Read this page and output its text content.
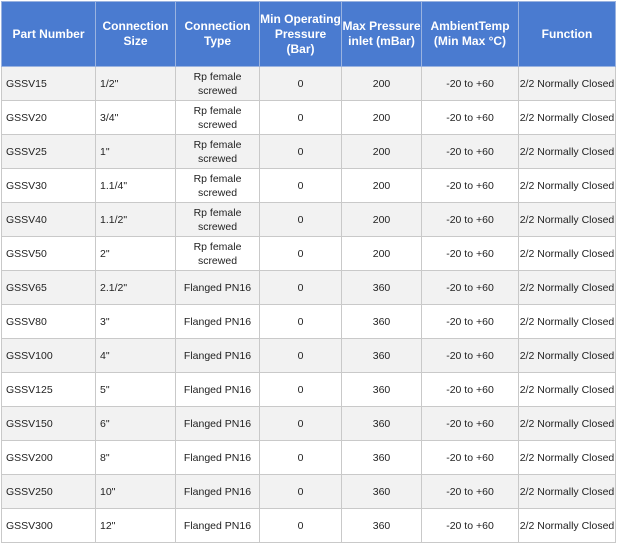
Part Number	Connection Size	Connection Type	Min Operating Pressure (Bar)	Max Pressure inlet (mBar)	AmbientTemp (Min Max °C)	Function
GSSV15	1/2"	Rp female screwed	0	200	-20 to +60	2/2 Normally Closed
GSSV20	3/4"	Rp female screwed	0	200	-20 to +60	2/2 Normally Closed
GSSV25	1"	Rp female screwed	0	200	-20 to +60	2/2 Normally Closed
GSSV30	1.1/4"	Rp female screwed	0	200	-20 to +60	2/2 Normally Closed
GSSV40	1.1/2"	Rp female screwed	0	200	-20 to +60	2/2 Normally Closed
GSSV50	2"	Rp female screwed	0	200	-20 to +60	2/2 Normally Closed
GSSV65	2.1/2"	Flanged PN16	0	360	-20 to +60	2/2 Normally Closed
GSSV80	3"	Flanged PN16	0	360	-20 to +60	2/2 Normally Closed
GSSV100	4"	Flanged PN16	0	360	-20 to +60	2/2 Normally Closed
GSSV125	5"	Flanged PN16	0	360	-20 to +60	2/2 Normally Closed
GSSV150	6"	Flanged PN16	0	360	-20 to +60	2/2 Normally Closed
GSSV200	8"	Flanged PN16	0	360	-20 to +60	2/2 Normally Closed
GSSV250	10"	Flanged PN16	0	360	-20 to +60	2/2 Normally Closed
GSSV300	12"	Flanged PN16	0	360	-20 to +60	2/2 Normally Closed
